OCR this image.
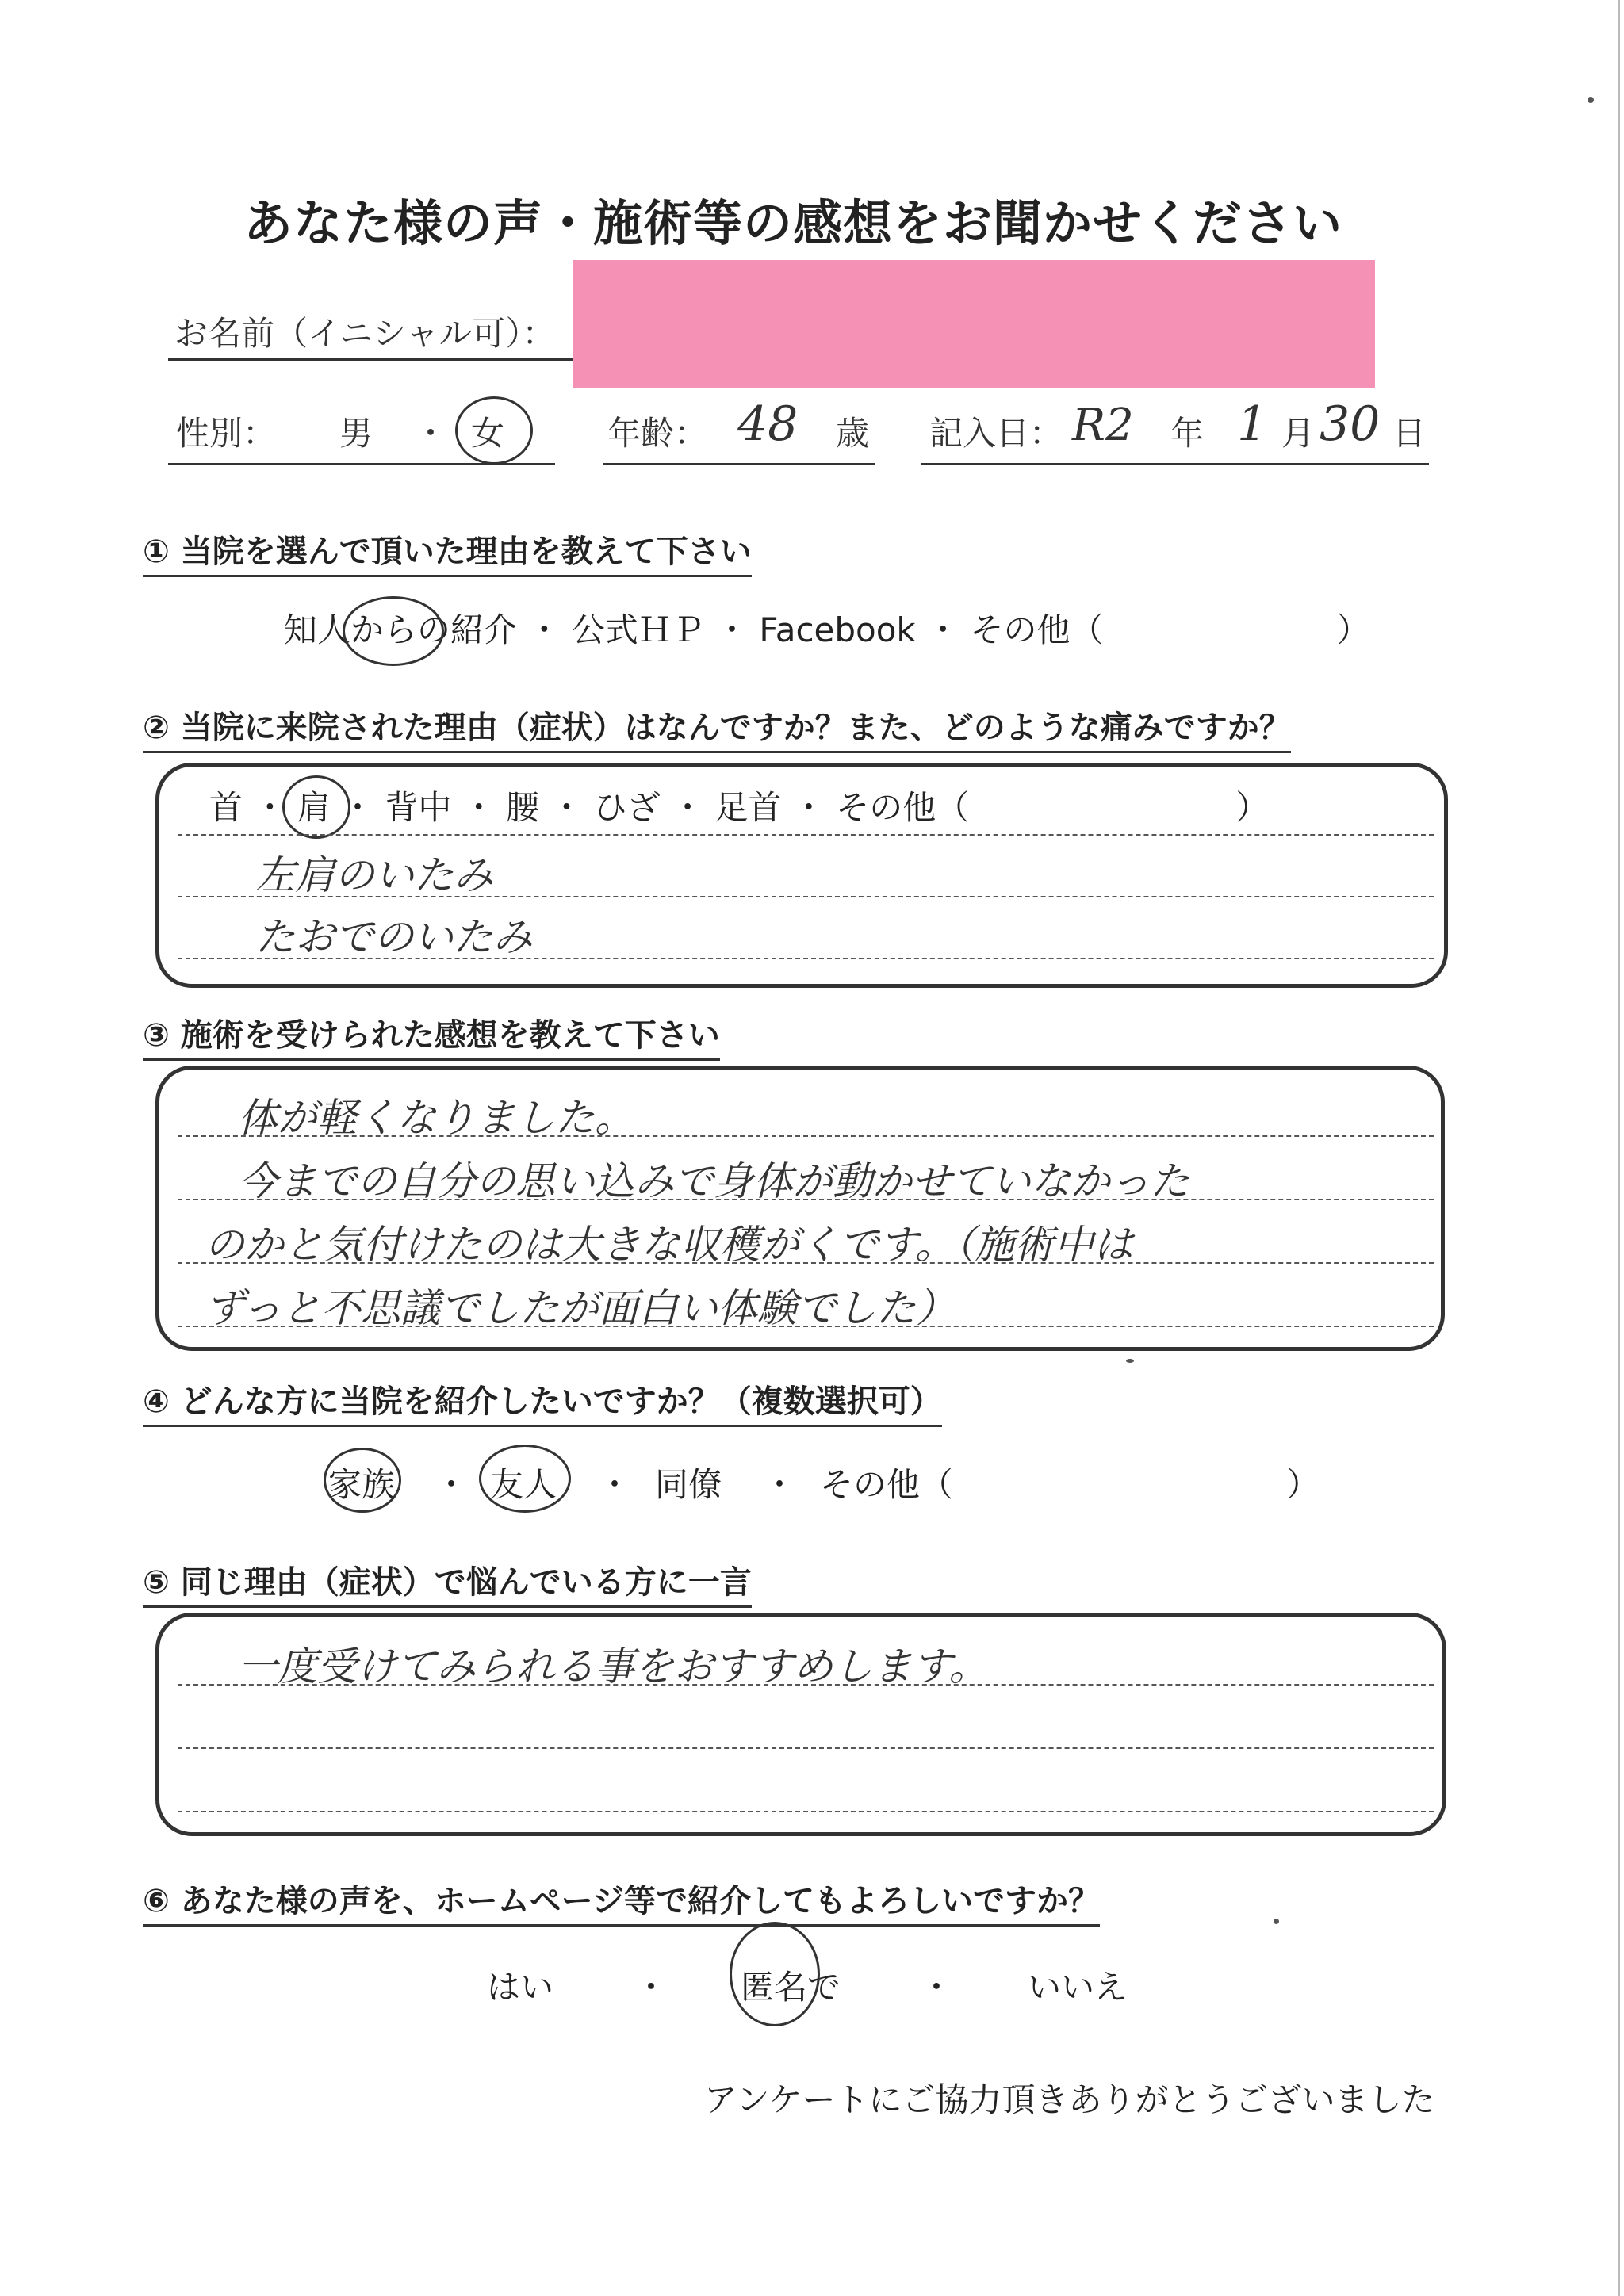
あなた様の声・施術等の感想をお聞かせください
お名前（イニシャル可）：
性別： 男 ・ 女	年齢： 48 歳 記入日： R2 年 1 月 30 日
① 当院を選んで頂いた理由を教えて下さい
知人からの紹介 ・ 公式ＨＰ ・ Facebook ・ その他（　　　　　　　）
② 当院に来院された理由（症状）はなんですか？また、どのような痛みですか？
首 ・ 肩 ・ 背中 ・ 腰 ・ ひざ ・ 足首 ・ その他（　　　　　　　　）
左肩のいたみ
たおでのいたみ
③ 施術を受けられた感想を教えて下さい
体が軽くなりました。
今までの自分の思い込みで身体が動かせていなかった
のかと気付けたのは大きな収穫がくです。（施術中は
ずっと不思議でしたが面白い体験でした）
④ どんな方に当院を紹介したいですか？（複数選択可）
家族 ・ 友人 ・ 同僚 ・ その他（　　　　　　　　　　）
⑤ 同じ理由（症状）で悩んでいる方に一言
一度受けてみられる事をおすすめします。
⑥ あなた様の声を、ホームページ等で紹介してもよろしいですか？
はい ・ 匿名で ・ いいえ
アンケートにご協力頂きありがとうございました
